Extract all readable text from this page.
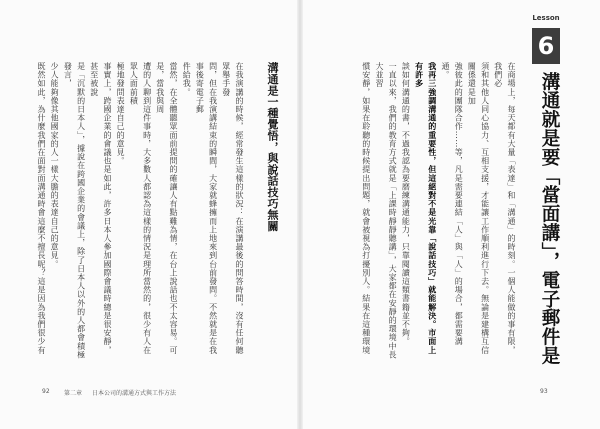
Lesson
6
溝通就是要「當面講」，電子郵件是
在商場上，每天都有大量「表達」和「溝通」的時刻。一個人能做的事有限，我們必
須和其他人同心協力、互相支援，才能讓工作順利進行下去。無論是建構互信關係還是加
強彼此的團隊合作……等，凡是需要連結「人」與「人」的場合，都需要溝通。
我再三強調溝通的重要性，但這絕對不是光靠「說話技巧」就能解決。市面上有許多
談如何溝通的書，不過我認為要磨練溝通能力，只靠閱讀這類書籍並不夠。
一直以來，我們的教育方式就是「上課時靜靜聽講」，大家都在安靜的環境中長大並習
慣安靜，如果在聆聽的時候提出問題，就會被視為打擾別人。結果在這種環境

溝通是一種覺悟，與說話技巧無關
在我演講的時候，經常發生這樣的狀況：在演講最後的問答時間，沒有任何聽眾舉手發
問，但在我演講結束的瞬間，大家就蜂擁而上地來到台前發問。不然就是在我事後寄電子郵
件給我。
當然，在全體聽眾面前提問的確讓人有點難為情，在台上說話也不太容易。可是，當我與周
遭的人聊到這件事時，大多數人都認為這樣的情況是理所當然的，很少有人在眾人面前積
極地發問表達自己的意見。
事實上，跨國企業的會議也是如此，許多日本人參加國際會議時總是很安靜，甚至被說
是「沉默的日本人」，據說在跨國企業的會議上，除了日本人以外的人都會積極發言，
少人能夠像其他國家的人一樣大膽的表達自己的意見。
既然如此，為什麼我們在面對面溝通時會這麼不擅長呢？這是因為我們很少有

92 第二章 日本公司的溝通方式與工作方法	93
